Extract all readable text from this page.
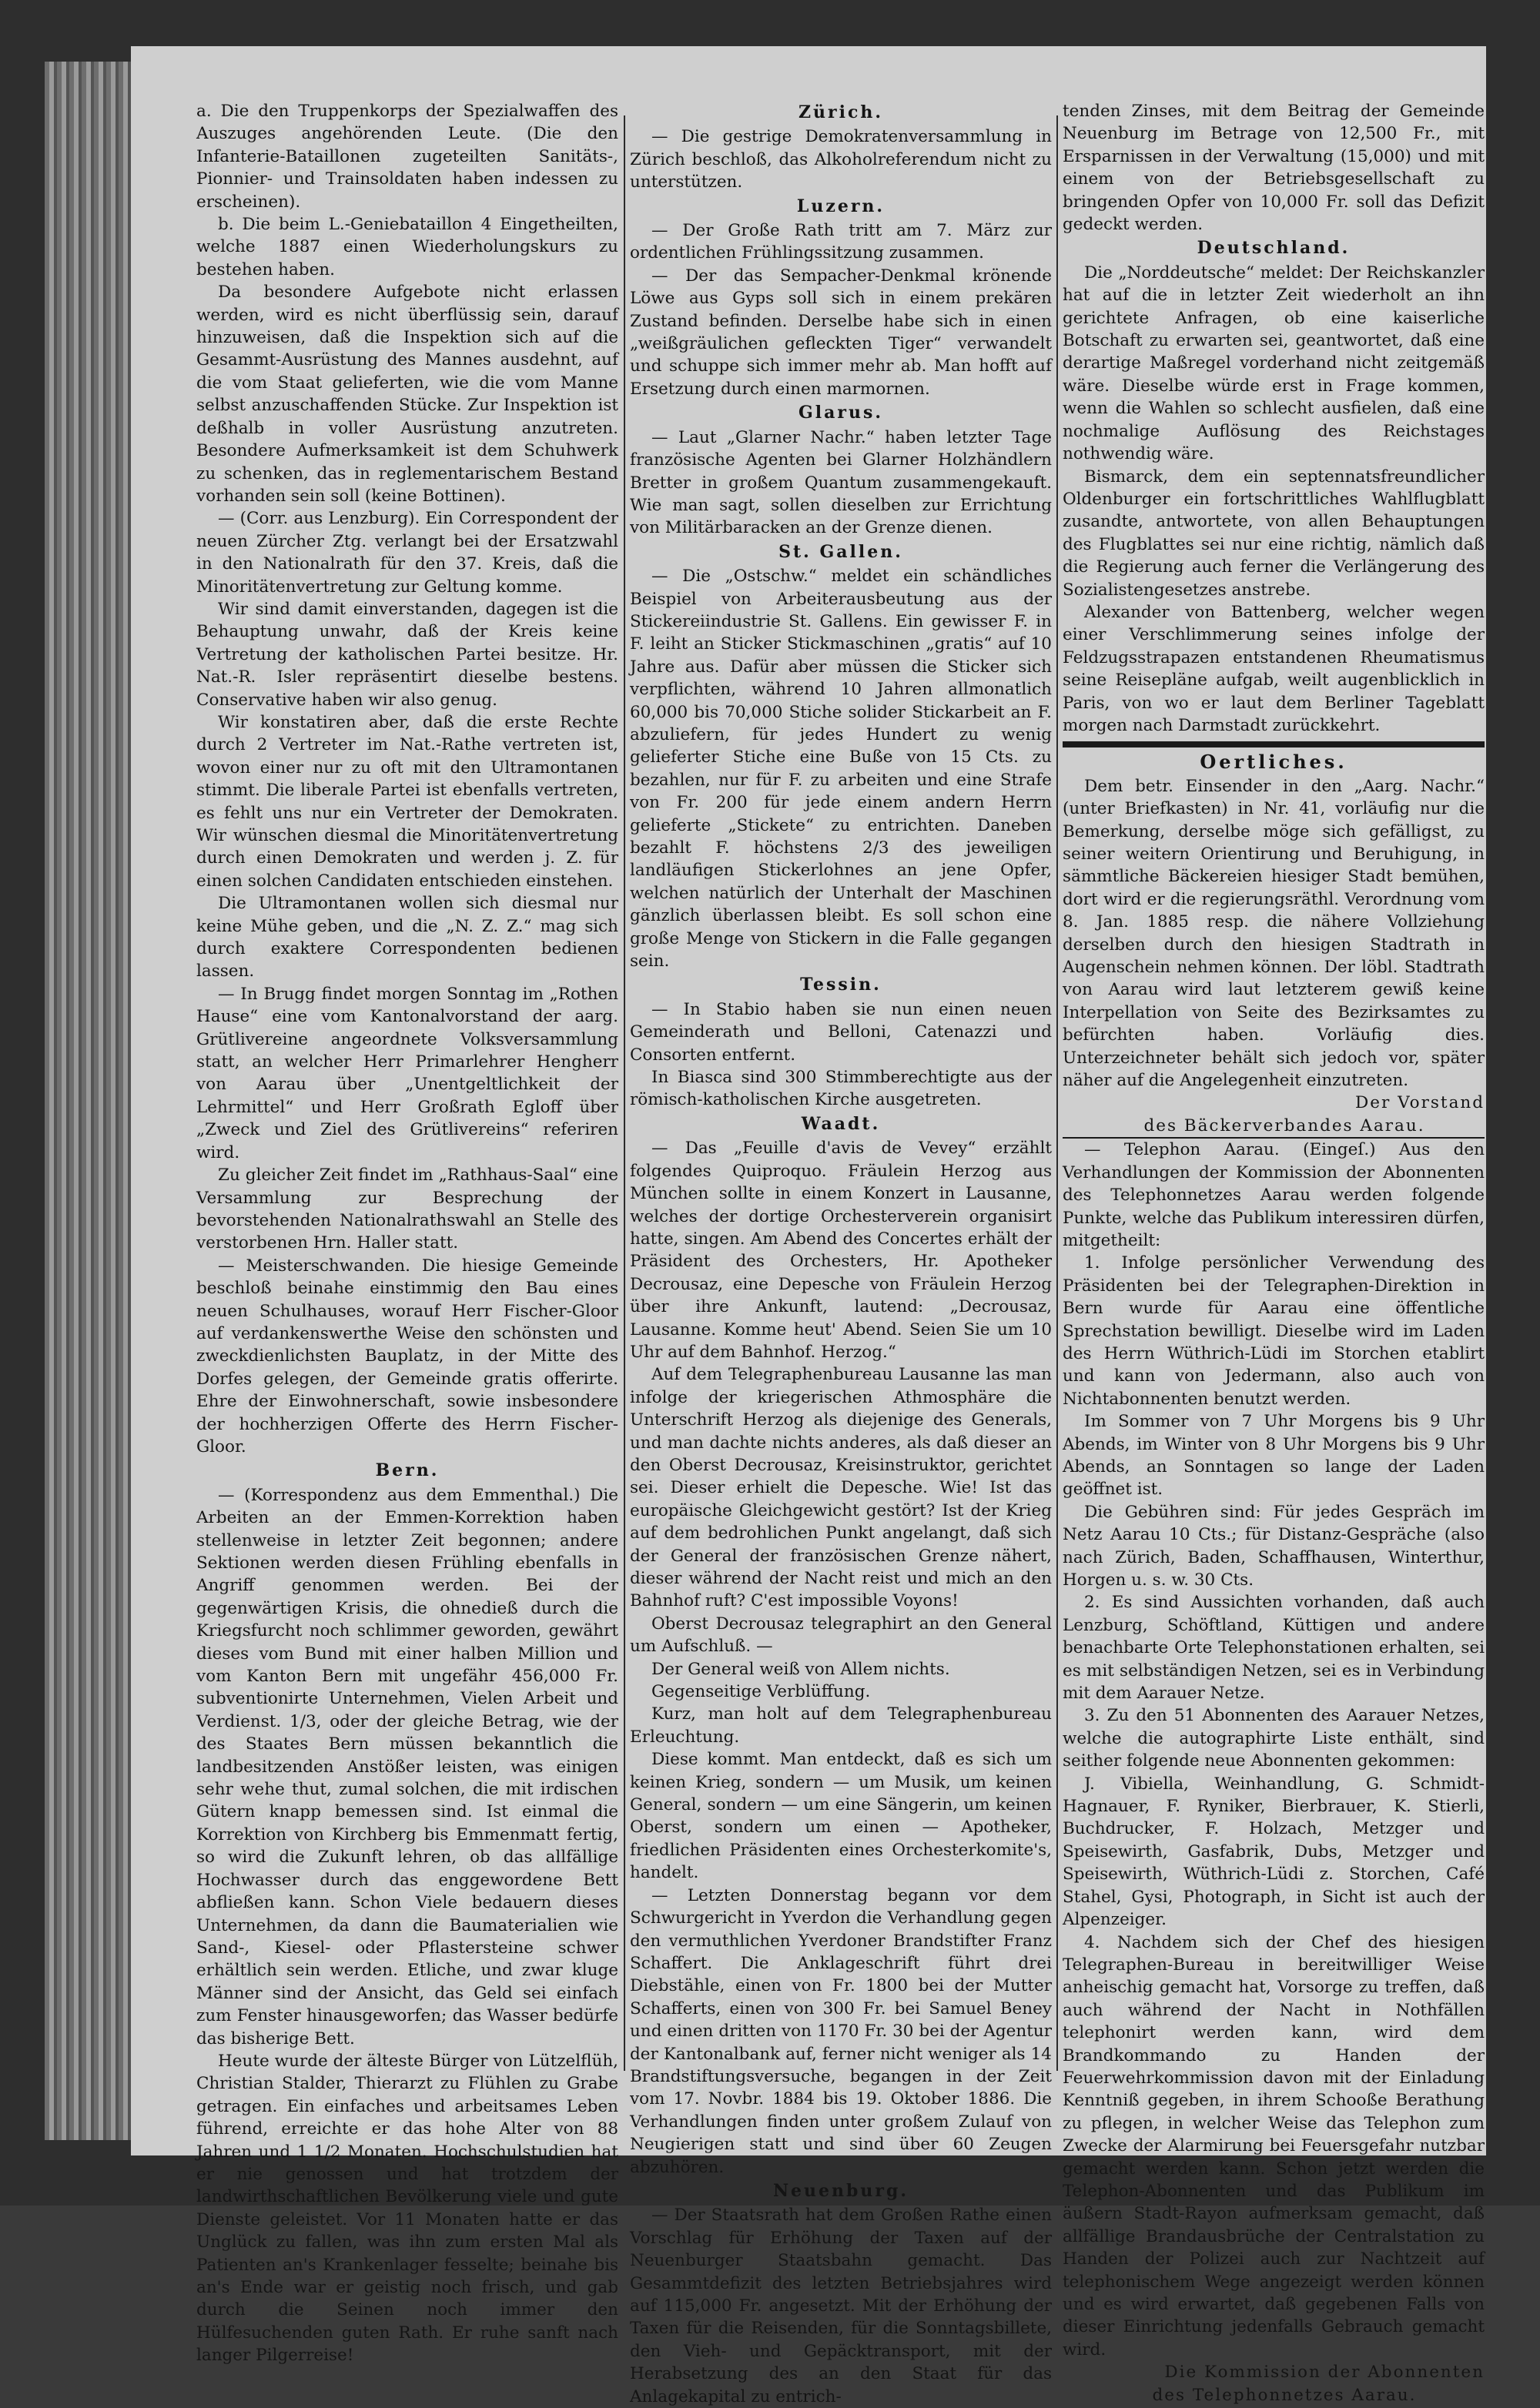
a. Die den Truppenkorps der Spezialwaffen des Auszuges angehörenden Leute. (Die den Infanterie-Bataillonen zugeteilten Sanitäts-, Pionnier- und Trainsoldaten haben indessen zu erscheinen).

b. Die beim L.-Geniebataillon 4 Eingetheilten, welche 1887 einen Wiederholungskurs zu bestehen haben.

Da besondere Aufgebote nicht erlassen werden, wird es nicht überflüssig sein, darauf hinzuweisen, daß die Inspektion sich auf die Gesammt-Ausrüstung des Mannes ausdehnt, auf die vom Staat gelieferten, wie die vom Manne selbst anzuschaffenden Stücke. Zur Inspektion ist deßhalb in voller Ausrüstung anzutreten. Besondere Aufmerksamkeit ist dem Schuhwerk zu schenken, das in reglementarischem Bestand vorhanden sein soll (keine Bottinen).

— (Corr. aus Lenzburg). Ein Correspondent der neuen Zürcher Ztg. verlangt bei der Ersatzwahl in den Nationalrath für den 37. Kreis, daß die Minoritätenvertretung zur Geltung komme.

Wir sind damit einverstanden, dagegen ist die Behauptung unwahr, daß der Kreis keine Vertretung der katholischen Partei besitze. Hr. Nat.-R. Isler repräsentirt dieselbe bestens. Conservative haben wir also genug.

Wir konstatiren aber, daß die erste Rechte durch 2 Vertreter im Nat.-Rathe vertreten ist, wovon einer nur zu oft mit den Ultramontanen stimmt. Die liberale Partei ist ebenfalls vertreten, es fehlt uns nur ein Vertreter der Demokraten. Wir wünschen diesmal die Minoritätenvertretung durch einen Demokraten und werden j. Z. für einen solchen Candidaten entschieden einstehen.

Die Ultramontanen wollen sich diesmal nur keine Mühe geben, und die „N. Z. Z.“ mag sich durch exaktere Correspondenten bedienen lassen.

— In Brugg findet morgen Sonntag im „Rothen Hause“ eine vom Kantonalvorstand der aarg. Grütlivereine angeordnete Volksversammlung statt, an welcher Herr Primarlehrer Hengherr von Aarau über „Unentgeltlichkeit der Lehrmittel“ und Herr Großrath Egloff über „Zweck und Ziel des Grütlivereins“ referiren wird.

Zu gleicher Zeit findet im „Rathhaus-Saal“ eine Versammlung zur Besprechung der bevorstehenden Nationalrathswahl an Stelle des verstorbenen Hrn. Haller statt.

— Meisterschwanden. Die hiesige Gemeinde beschloß beinahe einstimmig den Bau eines neuen Schulhauses, worauf Herr Fischer-Gloor auf verdankenswerthe Weise den schönsten und zweckdienlichsten Bauplatz, in der Mitte des Dorfes gelegen, der Gemeinde gratis offerirte. Ehre der Einwohnerschaft, sowie insbesondere der hochherzigen Offerte des Herrn Fischer-Gloor.

Bern.

— (Korrespondenz aus dem Emmenthal.) Die Arbeiten an der Emmen-Korrektion haben stellenweise in letzter Zeit begonnen; andere Sektionen werden diesen Frühling ebenfalls in Angriff genommen werden. Bei der gegenwärtigen Krisis, die ohnedieß durch die Kriegsfurcht noch schlimmer geworden, gewährt dieses vom Bund mit einer halben Million und vom Kanton Bern mit ungefähr 456,000 Fr. subventionirte Unternehmen, Vielen Arbeit und Verdienst. 1/3, oder der gleiche Betrag, wie der des Staates Bern müssen bekanntlich die landbesitzenden Anstößer leisten, was einigen sehr wehe thut, zumal solchen, die mit irdischen Gütern knapp bemessen sind. Ist einmal die Korrektion von Kirchberg bis Emmenmatt fertig, so wird die Zukunft lehren, ob das allfällige Hochwasser durch das enggewordene Bett abfließen kann. Schon Viele bedauern dieses Unternehmen, da dann die Baumaterialien wie Sand-, Kiesel- oder Pflastersteine schwer erhältlich sein werden. Etliche, und zwar kluge Männer sind der Ansicht, das Geld sei einfach zum Fenster hinausgeworfen; das Wasser bedürfe das bisherige Bett.

Heute wurde der älteste Bürger von Lützelflüh, Christian Stalder, Thierarzt zu Flühlen zu Grabe getragen. Ein einfaches und arbeitsames Leben führend, erreichte er das hohe Alter von 88 Jahren und 1 1/2 Monaten. Hochschulstudien hat er nie genossen und hat trotzdem der landwirthschaftlichen Bevölkerung viele und gute Dienste geleistet. Vor 11 Monaten hatte er das Unglück zu fallen, was ihn zum ersten Mal als Patienten an's Krankenlager fesselte; beinahe bis an's Ende war er geistig noch frisch, und gab durch die Seinen noch immer den Hülfesuchenden guten Rath. Er ruhe sanft nach langer Pilgerreise!

Zürich.

— Die gestrige Demokratenversammlung in Zürich beschloß, das Alkoholreferendum nicht zu unterstützen.

Luzern.

— Der Große Rath tritt am 7. März zur ordentlichen Frühlingssitzung zusammen.

— Der das Sempacher-Denkmal krönende Löwe aus Gyps soll sich in einem prekären Zustand befinden. Derselbe habe sich in einen „weißgräulichen gefleckten Tiger“ verwandelt und schuppe sich immer mehr ab. Man hofft auf Ersetzung durch einen marmornen.

Glarus.

— Laut „Glarner Nachr.“ haben letzter Tage französische Agenten bei Glarner Holzhändlern Bretter in großem Quantum zusammengekauft. Wie man sagt, sollen dieselben zur Errichtung von Militärbaracken an der Grenze dienen.

St. Gallen.

— Die „Ostschw.“ meldet ein schändliches Beispiel von Arbeiterausbeutung aus der Stickereiindustrie St. Gallens. Ein gewisser F. in F. leiht an Sticker Stickmaschinen „gratis“ auf 10 Jahre aus. Dafür aber müssen die Sticker sich verpflichten, während 10 Jahren allmonatlich 60,000 bis 70,000 Stiche solider Stickarbeit an F. abzuliefern, für jedes Hundert zu wenig gelieferter Stiche eine Buße von 15 Cts. zu bezahlen, nur für F. zu arbeiten und eine Strafe von Fr. 200 für jede einem andern Herrn gelieferte „Stickete“ zu entrichten. Daneben bezahlt F. höchstens 2/3 des jeweiligen landläufigen Stickerlohnes an jene Opfer, welchen natürlich der Unterhalt der Maschinen gänzlich überlassen bleibt. Es soll schon eine große Menge von Stickern in die Falle gegangen sein.

Tessin.

— In Stabio haben sie nun einen neuen Gemeinderath und Belloni, Catenazzi und Consorten entfernt.

In Biasca sind 300 Stimmberechtigte aus der römisch-katholischen Kirche ausgetreten.

Waadt.

— Das „Feuille d'avis de Vevey“ erzählt folgendes Quiproquo. Fräulein Herzog aus München sollte in einem Konzert in Lausanne, welches der dortige Orchesterverein organisirt hatte, singen. Am Abend des Concertes erhält der Präsident des Orchesters, Hr. Apotheker Decrousaz, eine Depesche von Fräulein Herzog über ihre Ankunft, lautend: „Decrousaz, Lausanne. Komme heut' Abend. Seien Sie um 10 Uhr auf dem Bahnhof. Herzog.“

Auf dem Telegraphenbureau Lausanne las man infolge der kriegerischen Athmosphäre die Unterschrift Herzog als diejenige des Generals, und man dachte nichts anderes, als daß dieser an den Oberst Decrousaz, Kreisinstruktor, gerichtet sei. Dieser erhielt die Depesche. Wie! Ist das europäische Gleichgewicht gestört? Ist der Krieg auf dem bedrohlichen Punkt angelangt, daß sich der General der französischen Grenze nähert, dieser während der Nacht reist und mich an den Bahnhof ruft? C'est impossible Voyons!

Oberst Decrousaz telegraphirt an den General um Aufschluß. —

Der General weiß von Allem nichts.

Gegenseitige Verblüffung.

Kurz, man holt auf dem Telegraphenbureau Erleuchtung.

Diese kommt. Man entdeckt, daß es sich um keinen Krieg, sondern — um Musik, um keinen General, sondern — um eine Sängerin, um keinen Oberst, sondern um einen — Apotheker, friedlichen Präsidenten eines Orchesterkomite's, handelt.

— Letzten Donnerstag begann vor dem Schwurgericht in Yverdon die Verhandlung gegen den vermuthlichen Yverdoner Brandstifter Franz Schaffert. Die Anklageschrift führt drei Diebstähle, einen von Fr. 1800 bei der Mutter Schafferts, einen von 300 Fr. bei Samuel Beney und einen dritten von 1170 Fr. 30 bei der Agentur der Kantonalbank auf, ferner nicht weniger als 14 Brandstiftungsversuche, begangen in der Zeit vom 17. Novbr. 1884 bis 19. Oktober 1886. Die Verhandlungen finden unter großem Zulauf von Neugierigen statt und sind über 60 Zeugen abzuhören.

Neuenburg.

— Der Staatsrath hat dem Großen Rathe einen Vorschlag für Erhöhung der Taxen auf der Neuenburger Staatsbahn gemacht. Das Gesammtdefizit des letzten Betriebsjahres wird auf 115,000 Fr. angesetzt. Mit der Erhöhung der Taxen für die Reisenden, für die Sonntagsbillete, den Vieh- und Gepäcktransport, mit der Herabsetzung des an den Staat für das Anlagekapital zu entrich-

tenden Zinses, mit dem Beitrag der Gemeinde Neuenburg im Betrage von 12,500 Fr., mit Ersparnissen in der Verwaltung (15,000) und mit einem von der Betriebsgesellschaft zu bringenden Opfer von 10,000 Fr. soll das Defizit gedeckt werden.

Deutschland.

Die „Norddeutsche“ meldet: Der Reichskanzler hat auf die in letzter Zeit wiederholt an ihn gerichtete Anfragen, ob eine kaiserliche Botschaft zu erwarten sei, geantwortet, daß eine derartige Maßregel vorderhand nicht zeitgemäß wäre. Dieselbe würde erst in Frage kommen, wenn die Wahlen so schlecht ausfielen, daß eine nochmalige Auflösung des Reichstages nothwendig wäre.

Bismarck, dem ein septennatsfreundlicher Oldenburger ein fortschrittliches Wahlflugblatt zusandte, antwortete, von allen Behauptungen des Flugblattes sei nur eine richtig, nämlich daß die Regierung auch ferner die Verlängerung des Sozialistengesetzes anstrebe.

Alexander von Battenberg, welcher wegen einer Verschlimmerung seines infolge der Feldzugsstrapazen entstandenen Rheumatismus seine Reisepläne aufgab, weilt augenblicklich in Paris, von wo er laut dem Berliner Tageblatt morgen nach Darmstadt zurückkehrt.

Oertliches.

Dem betr. Einsender in den „Aarg. Nachr.“ (unter Briefkasten) in Nr. 41, vorläufig nur die Bemerkung, derselbe möge sich gefälligst, zu seiner weitern Orientirung und Beruhigung, in sämmtliche Bäckereien hiesiger Stadt bemühen, dort wird er die regierungsräthl. Verordnung vom 8. Jan. 1885 resp. die nähere Vollziehung derselben durch den hiesigen Stadtrath in Augenschein nehmen können. Der löbl. Stadtrath von Aarau wird laut letzterem gewiß keine Interpellation von Seite des Bezirksamtes zu befürchten haben. Vorläufig dies. Unterzeichneter behält sich jedoch vor, später näher auf die Angelegenheit einzutreten.

Der Vorstand

des Bäckerverbandes Aarau.

— Telephon Aarau. (Eingeſ.) Aus den Verhandlungen der Kommission der Abonnenten des Telephonnetzes Aarau werden folgende Punkte, welche das Publikum interessiren dürfen, mitgetheilt:

1. Infolge persönlicher Verwendung des Präsidenten bei der Telegraphen-Direktion in Bern wurde für Aarau eine öffentliche Sprechstation bewilligt. Dieselbe wird im Laden des Herrn Wüthrich-Lüdi im Storchen etablirt und kann von Jedermann, also auch von Nichtabonnenten benutzt werden.

Im Sommer von 7 Uhr Morgens bis 9 Uhr Abends, im Winter von 8 Uhr Morgens bis 9 Uhr Abends, an Sonntagen so lange der Laden geöffnet ist.

Die Gebühren sind: Für jedes Gespräch im Netz Aarau 10 Cts.; für Distanz-Gespräche (also nach Zürich, Baden, Schaffhausen, Winterthur, Horgen u. s. w. 30 Cts.

2. Es sind Aussichten vorhanden, daß auch Lenzburg, Schöftland, Küttigen und andere benachbarte Orte Telephonstationen erhalten, sei es mit selbständigen Netzen, sei es in Verbindung mit dem Aarauer Netze.

3. Zu den 51 Abonnenten des Aarauer Netzes, welche die autographirte Liste enthält, sind seither folgende neue Abonnenten gekommen:

J. Vibiella, Weinhandlung, G. Schmidt-Hagnauer, F. Ryniker, Bierbrauer, K. Stierli, Buchdrucker, F. Holzach, Metzger und Speisewirth, Gasfabrik, Dubs, Metzger und Speisewirth, Wüthrich-Lüdi z. Storchen, Café Stahel, Gysi, Photograph, in Sicht ist auch der Alpenzeiger.

4. Nachdem sich der Chef des hiesigen Telegraphen-Bureau in bereitwilliger Weise anheischig gemacht hat, Vorsorge zu treffen, daß auch während der Nacht in Nothfällen telephonirt werden kann, wird dem Brandkommando zu Handen der Feuerwehrkommission davon mit der Einladung Kenntniß gegeben, in ihrem Schooße Berathung zu pflegen, in welcher Weise das Telephon zum Zwecke der Alarmirung bei Feuersgefahr nutzbar gemacht werden kann. Schon jetzt werden die Telephon-Abonnenten und das Publikum im äußern Stadt-Rayon aufmerksam gemacht, daß allfällige Brandausbrüche der Centralstation zu Handen der Polizei auch zur Nachtzeit auf telephonischem Wege angezeigt werden können und es wird erwartet, daß gegebenen Falls von dieser Einrichtung jedenfalls Gebrauch gemacht wird.

Die Kommission der Abonnenten

des Telephonnetzes Aarau.
